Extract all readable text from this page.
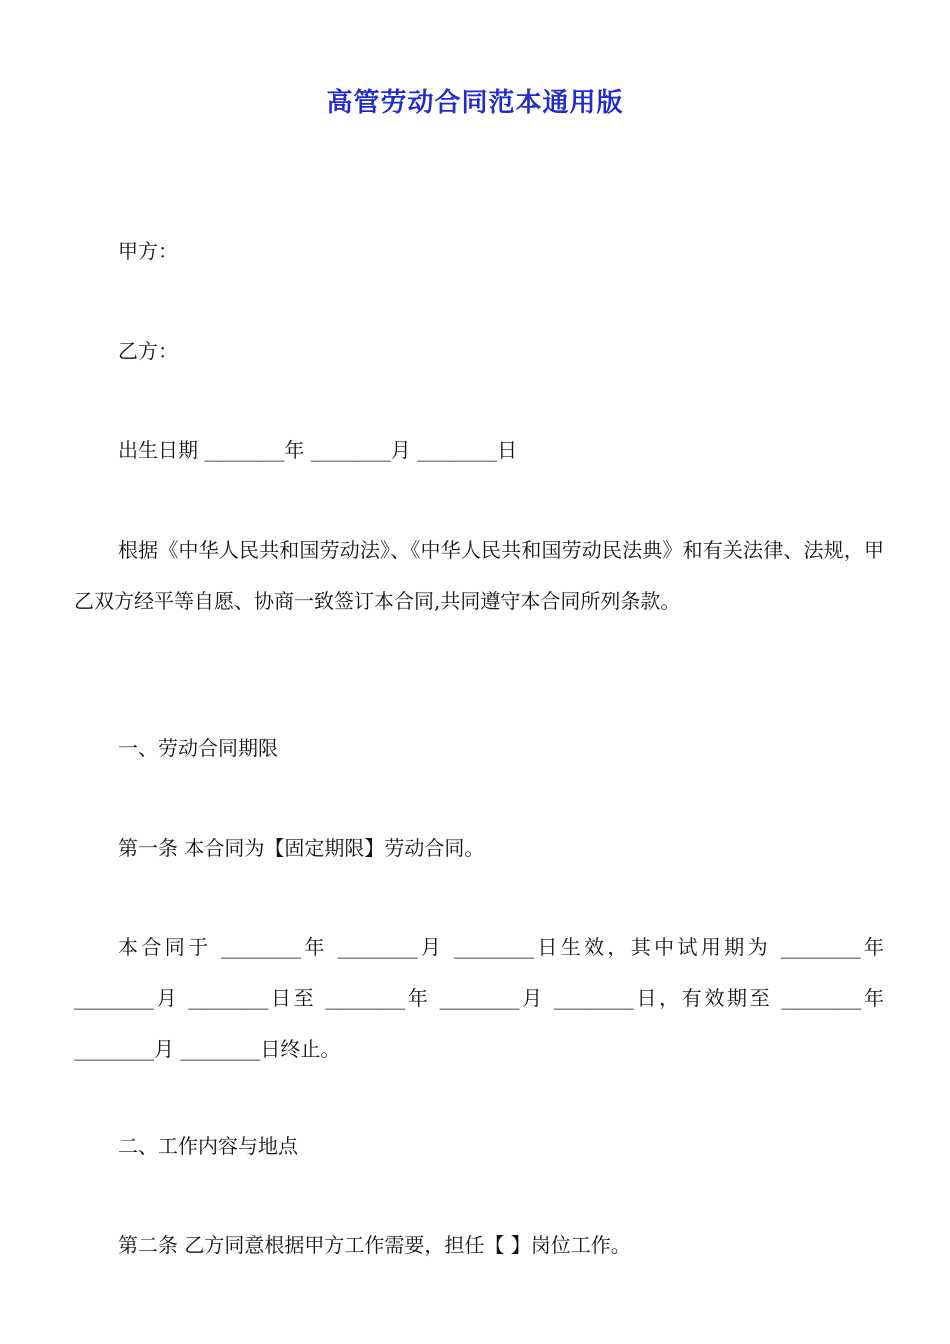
高管劳动合同范本通用版
甲方：
乙方：
出生日期 ________年 ________月 ________日
根据《中华人民共和国劳动法》、《中华人民共和国劳动民法典》和有关法律、法规，甲乙双方经平等自愿、协商一致签订本合同,共同遵守本合同所列条款。
一、劳动合同期限
第一条 本合同为【固定期限】劳动合同。
本合同于 ________年 ________月 ________日生效，其中试用期为 ________年 ________月 ________日至 ________年 ________月 ________日，有效期至 ________年 ________月 ________日终止。
二、工作内容与地点
第二条 乙方同意根据甲方工作需要，担任【 】岗位工作。
